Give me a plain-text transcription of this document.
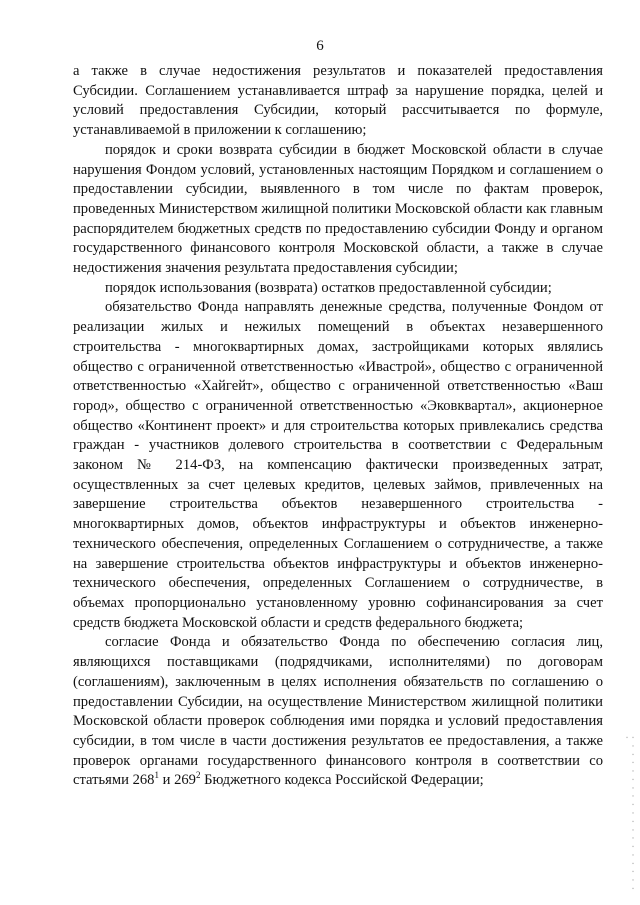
6

а также в случае недостижения результатов и показателей предоставления Субсидии. Соглашением устанавливается штраф за нарушение порядка, целей и условий предоставления Субсидии, который рассчитывается по формуле, устанавливаемой в приложении к соглашению;

порядок и сроки возврата субсидии в бюджет Московской области в случае нарушения Фондом условий, установленных настоящим Порядком и соглашением о предоставлении субсидии, выявленного в том числе по фактам проверок, проведенных Министерством жилищной политики Московской области как главным распорядителем бюджетных средств по предоставлению субсидии Фонду и органом государственного финансового контроля Московской области, а также в случае недостижения значения результата предоставления субсидии;

порядок использования (возврата) остатков предоставленной субсидии;

обязательство Фонда направлять денежные средства, полученные Фондом от реализации жилых и нежилых помещений в объектах незавершенного строительства - многоквартирных домах, застройщиками которых являлись общество с ограниченной ответственностью «Ивастрой», общество с ограниченной ответственностью «Хайгейт», общество с ограниченной ответственностью «Ваш город», общество с ограниченной ответственностью «Эковквартал», акционерное общество «Континент проект» и для строительства которых привлекались средства граждан - участников долевого строительства в соответствии с Федеральным законом № 214-ФЗ, на компенсацию фактически произведенных затрат, осуществленных за счет целевых кредитов, целевых займов, привлеченных на завершение строительства объектов незавершенного строительства - многоквартирных домов, объектов инфраструктуры и объектов инженерно-технического обеспечения, определенных Соглашением о сотрудничестве, а также на завершение строительства объектов инфраструктуры и объектов инженерно-технического обеспечения, определенных Соглашением о сотрудничестве, в объемах пропорционально установленному уровню софинансирования за счет средств бюджета Московской области и средств федерального бюджета;

согласие Фонда и обязательство Фонда по обеспечению согласия лиц, являющихся поставщиками (подрядчиками, исполнителями) по договорам (соглашениям), заключенным в целях исполнения обязательств по соглашению о предоставлении Субсидии, на осуществление Министерством жилищной политики Московской области проверок соблюдения ими порядка и условий предоставления субсидии, в том числе в части достижения результатов ее предоставления, а также проверок органами государственного финансового контроля в соответствии со статьями $268^1$ и $269^2$ Бюджетного кодекса Российской Федерации;	▪ ▪ ▪ ▪ ▪ ▪ ▪ ▪ ▪ ▪ ▪ ▪ ▪ ▪ ▪ ▪ ▪ ▪ ▪ ▪
